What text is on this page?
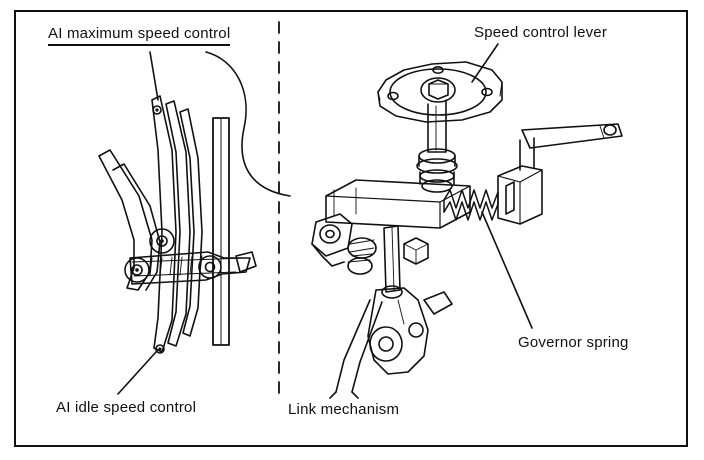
AI maximum speed control
AI idle speed control	Link mechanism
Speed control lever
Governor spring
